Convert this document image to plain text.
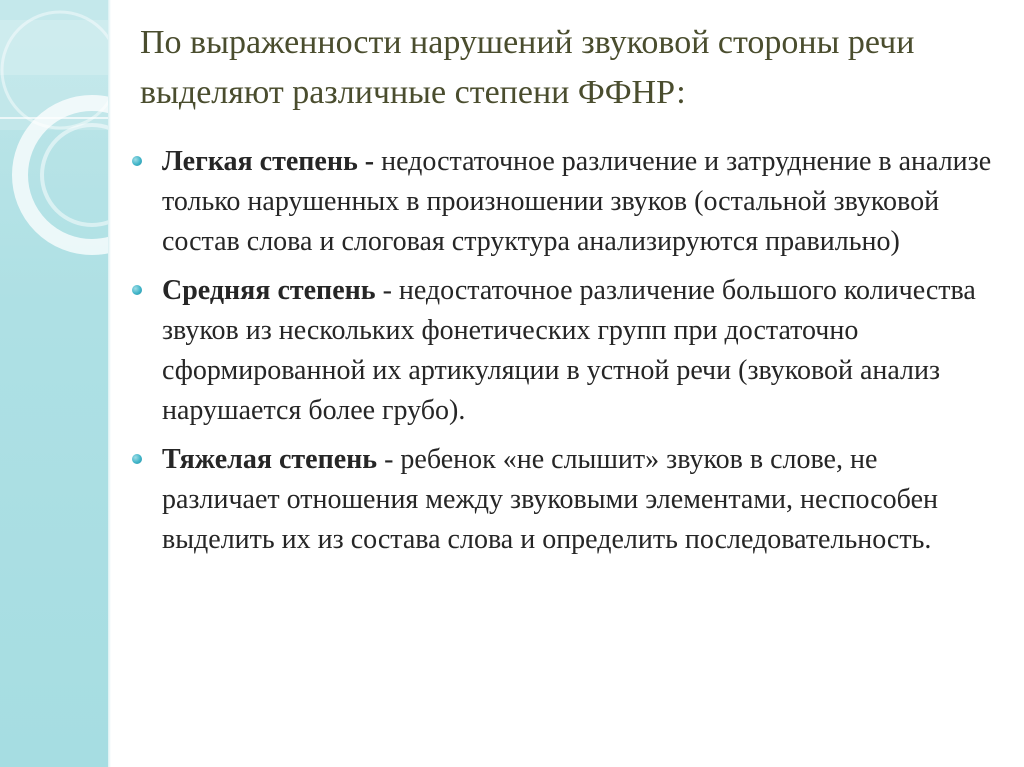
По выраженности нарушений звуковой стороны речи выделяют различные степени ФФНР:
Легкая степень - недостаточное различение и затруднение в анализе только нарушенных в произношении звуков (остальной звуковой состав слова и слоговая структура анализируются правильно)
Средняя степень - недостаточное различение большого количества звуков из нескольких фонетических групп при достаточно сформированной их артикуляции в устной речи (звуковой анализ нарушается более грубо).
Тяжелая степень - ребенок «не слышит» звуков в слове, не различает отношения между звуковыми элементами, неспособен выделить их из состава слова и определить последовательность.
